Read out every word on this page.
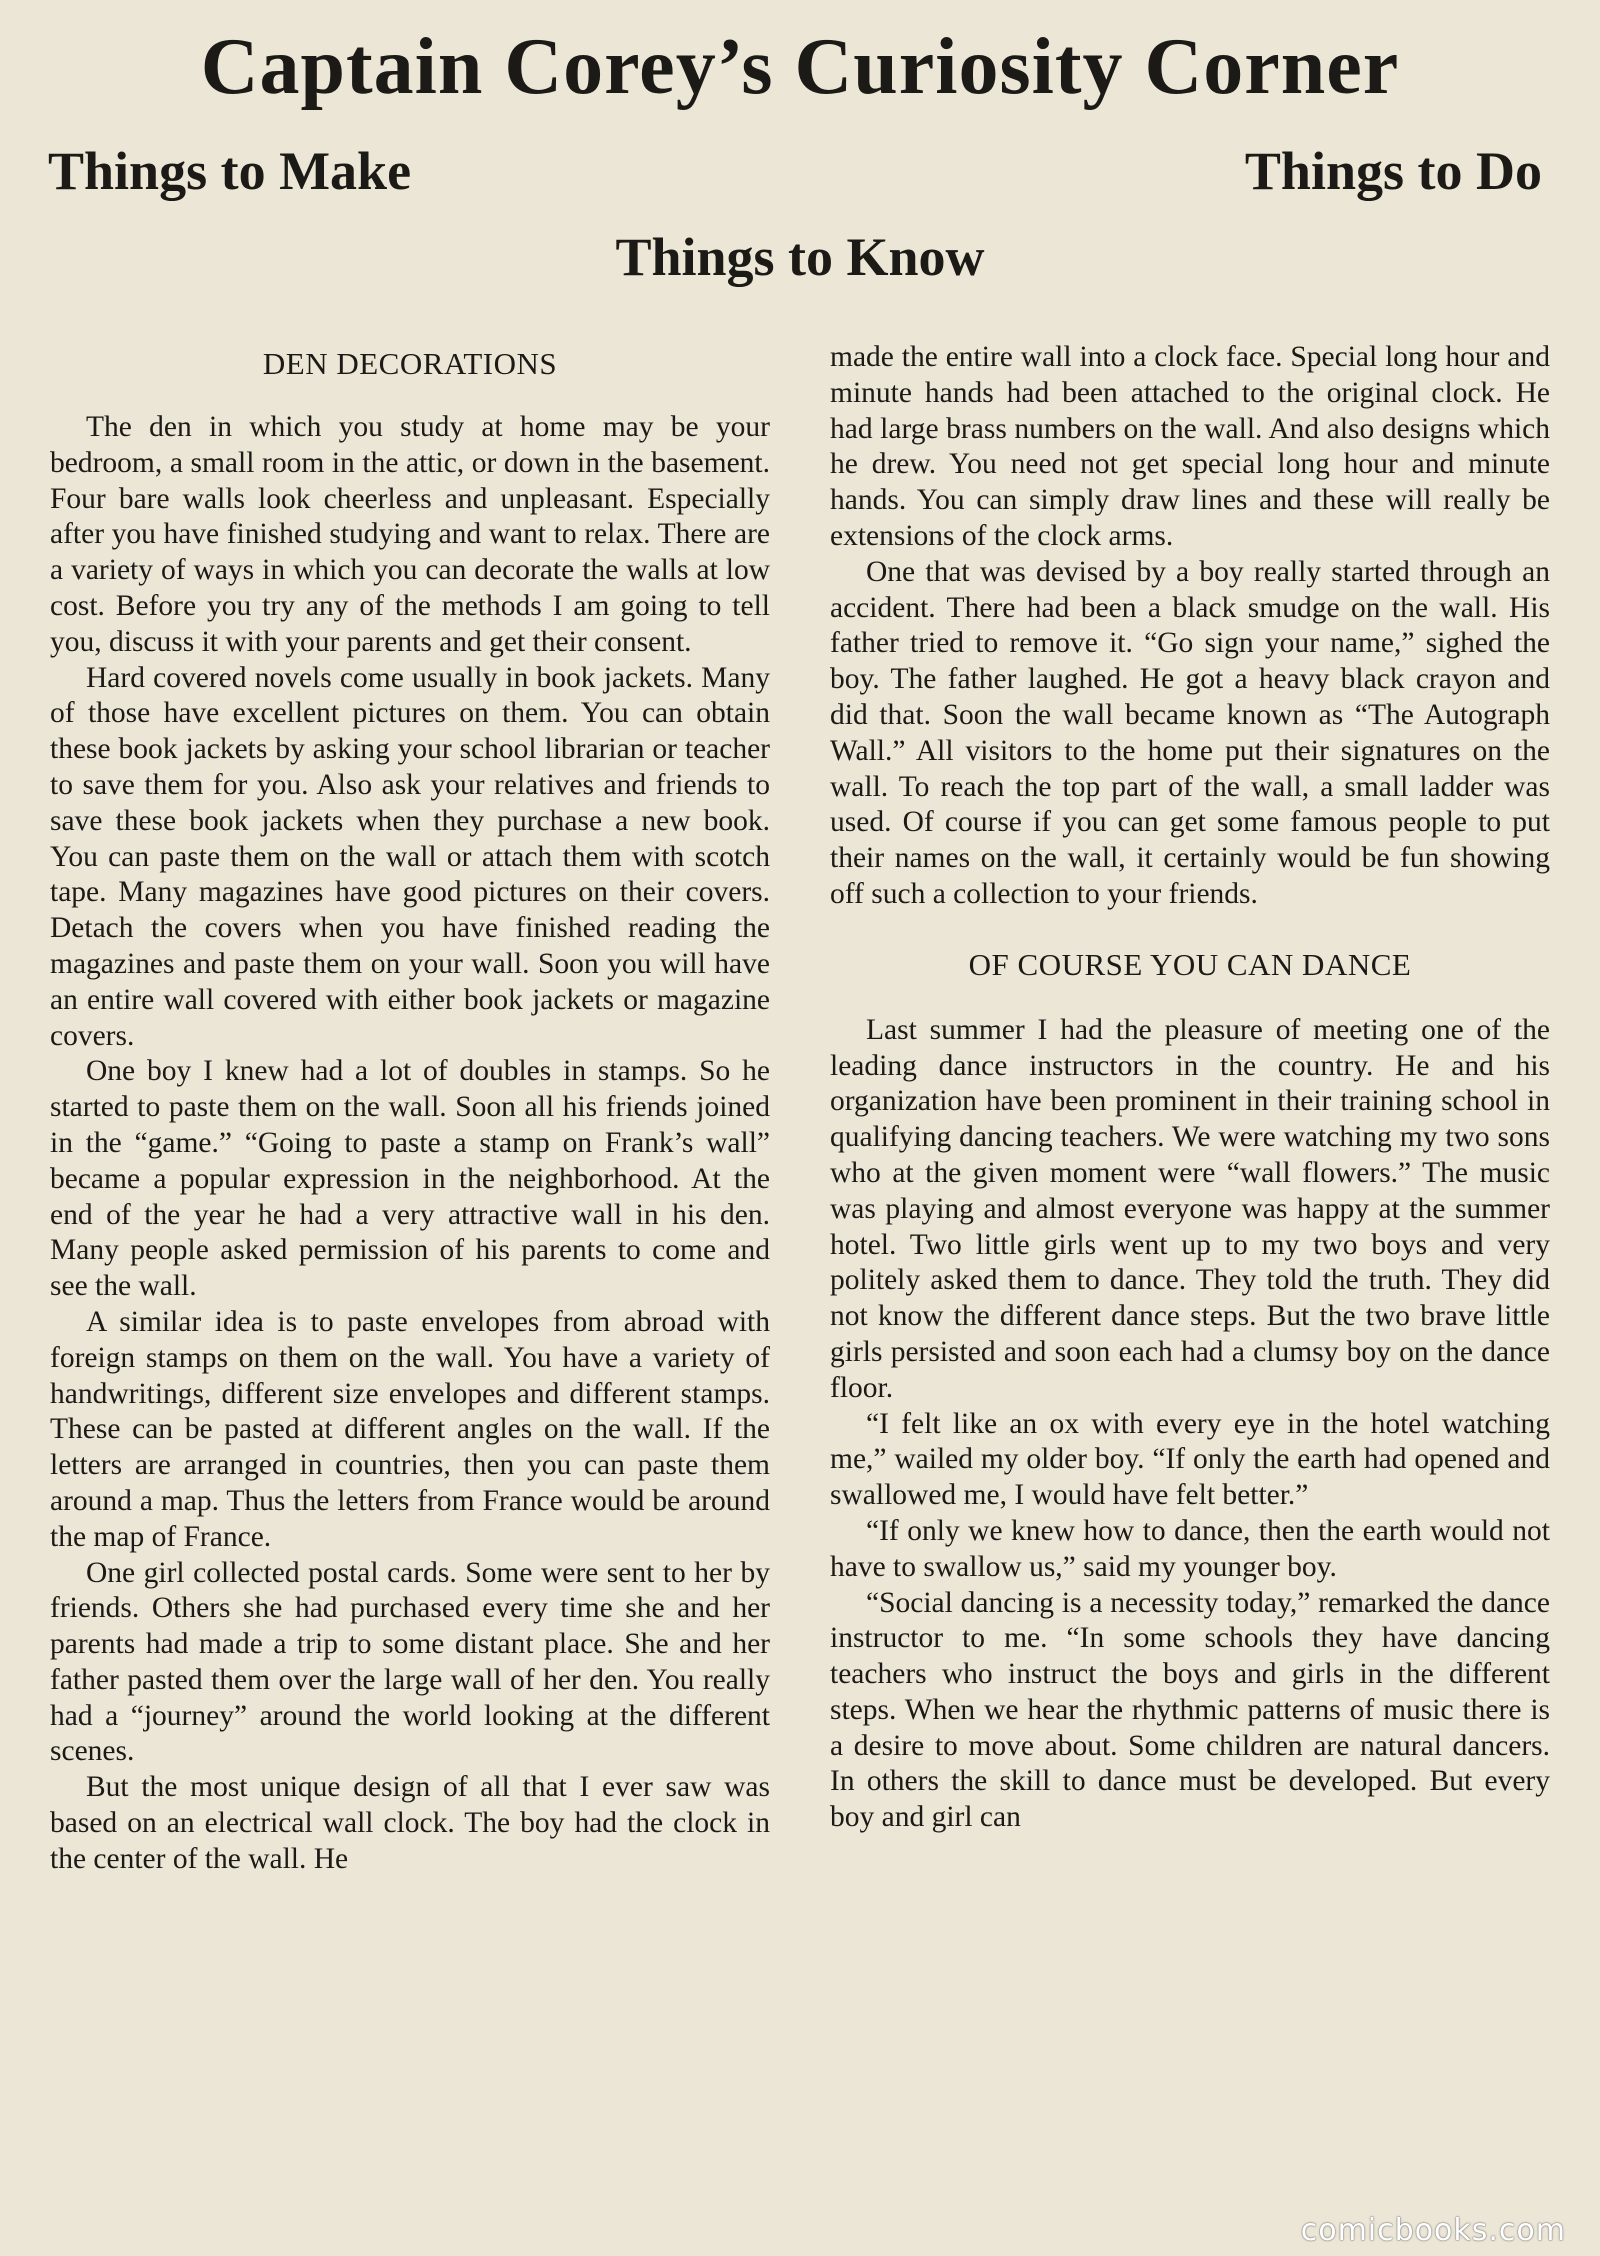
Captain Corey’s Curiosity Corner
Things to Make	Things to Do
Things to Know
DEN DECORATIONS

The den in which you study at home may be your bedroom, a small room in the attic, or down in the basement. Four bare walls look cheerless and unpleasant. Especially after you have finished studying and want to relax. There are a variety of ways in which you can decorate the walls at low cost. Before you try any of the methods I am going to tell you, discuss it with your parents and get their consent.

Hard covered novels come usually in book jackets. Many of those have excellent pictures on them. You can obtain these book jackets by asking your school librarian or teacher to save them for you. Also ask your relatives and friends to save these book jackets when they purchase a new book. You can paste them on the wall or attach them with scotch tape. Many magazines have good pictures on their covers. Detach the covers when you have finished reading the magazines and paste them on your wall. Soon you will have an entire wall covered with either book jackets or magazine covers.

One boy I knew had a lot of doubles in stamps. So he started to paste them on the wall. Soon all his friends joined in the “game.” “Going to paste a stamp on Frank’s wall” became a popular expression in the neighborhood. At the end of the year he had a very attractive wall in his den. Many people asked permission of his parents to come and see the wall.

A similar idea is to paste envelopes from abroad with foreign stamps on them on the wall. You have a variety of handwritings, different size envelopes and different stamps. These can be pasted at different angles on the wall. If the letters are arranged in countries, then you can paste them around a map. Thus the letters from France would be around the map of France.

One girl collected postal cards. Some were sent to her by friends. Others she had purchased every time she and her parents had made a trip to some distant place. She and her father pasted them over the large wall of her den. You really had a “journey” around the world looking at the different scenes.

But the most unique design of all that I ever saw was based on an electrical wall clock. The boy had the clock in the center of the wall. He

made the entire wall into a clock face. Special long hour and minute hands had been attached to the original clock. He had large brass numbers on the wall. And also designs which he drew. You need not get special long hour and minute hands. You can simply draw lines and these will really be extensions of the clock arms.

One that was devised by a boy really started through an accident. There had been a black smudge on the wall. His father tried to remove it. “Go sign your name,” sighed the boy. The father laughed. He got a heavy black crayon and did that. Soon the wall became known as “The Autograph Wall.” All visitors to the home put their signatures on the wall. To reach the top part of the wall, a small ladder was used. Of course if you can get some famous people to put their names on the wall, it certainly would be fun showing off such a collection to your friends.

OF COURSE YOU CAN DANCE

Last summer I had the pleasure of meeting one of the leading dance instructors in the country. He and his organization have been prominent in their training school in qualifying dancing teachers. We were watching my two sons who at the given moment were “wall flowers.” The music was playing and almost everyone was happy at the summer hotel. Two little girls went up to my two boys and very politely asked them to dance. They told the truth. They did not know the different dance steps. But the two brave little girls persisted and soon each had a clumsy boy on the dance floor.

“I felt like an ox with every eye in the hotel watching me,” wailed my older boy. “If only the earth had opened and swallowed me, I would have felt better.”

“If only we knew how to dance, then the earth would not have to swallow us,” said my younger boy.

“Social dancing is a necessity today,” remarked the dance instructor to me. “In some schools they have dancing teachers who instruct the boys and girls in the different steps. When we hear the rhythmic patterns of music there is a desire to move about. Some children are natural dancers. In others the skill to dance must be developed. But every boy and girl can

comicbooks.com
